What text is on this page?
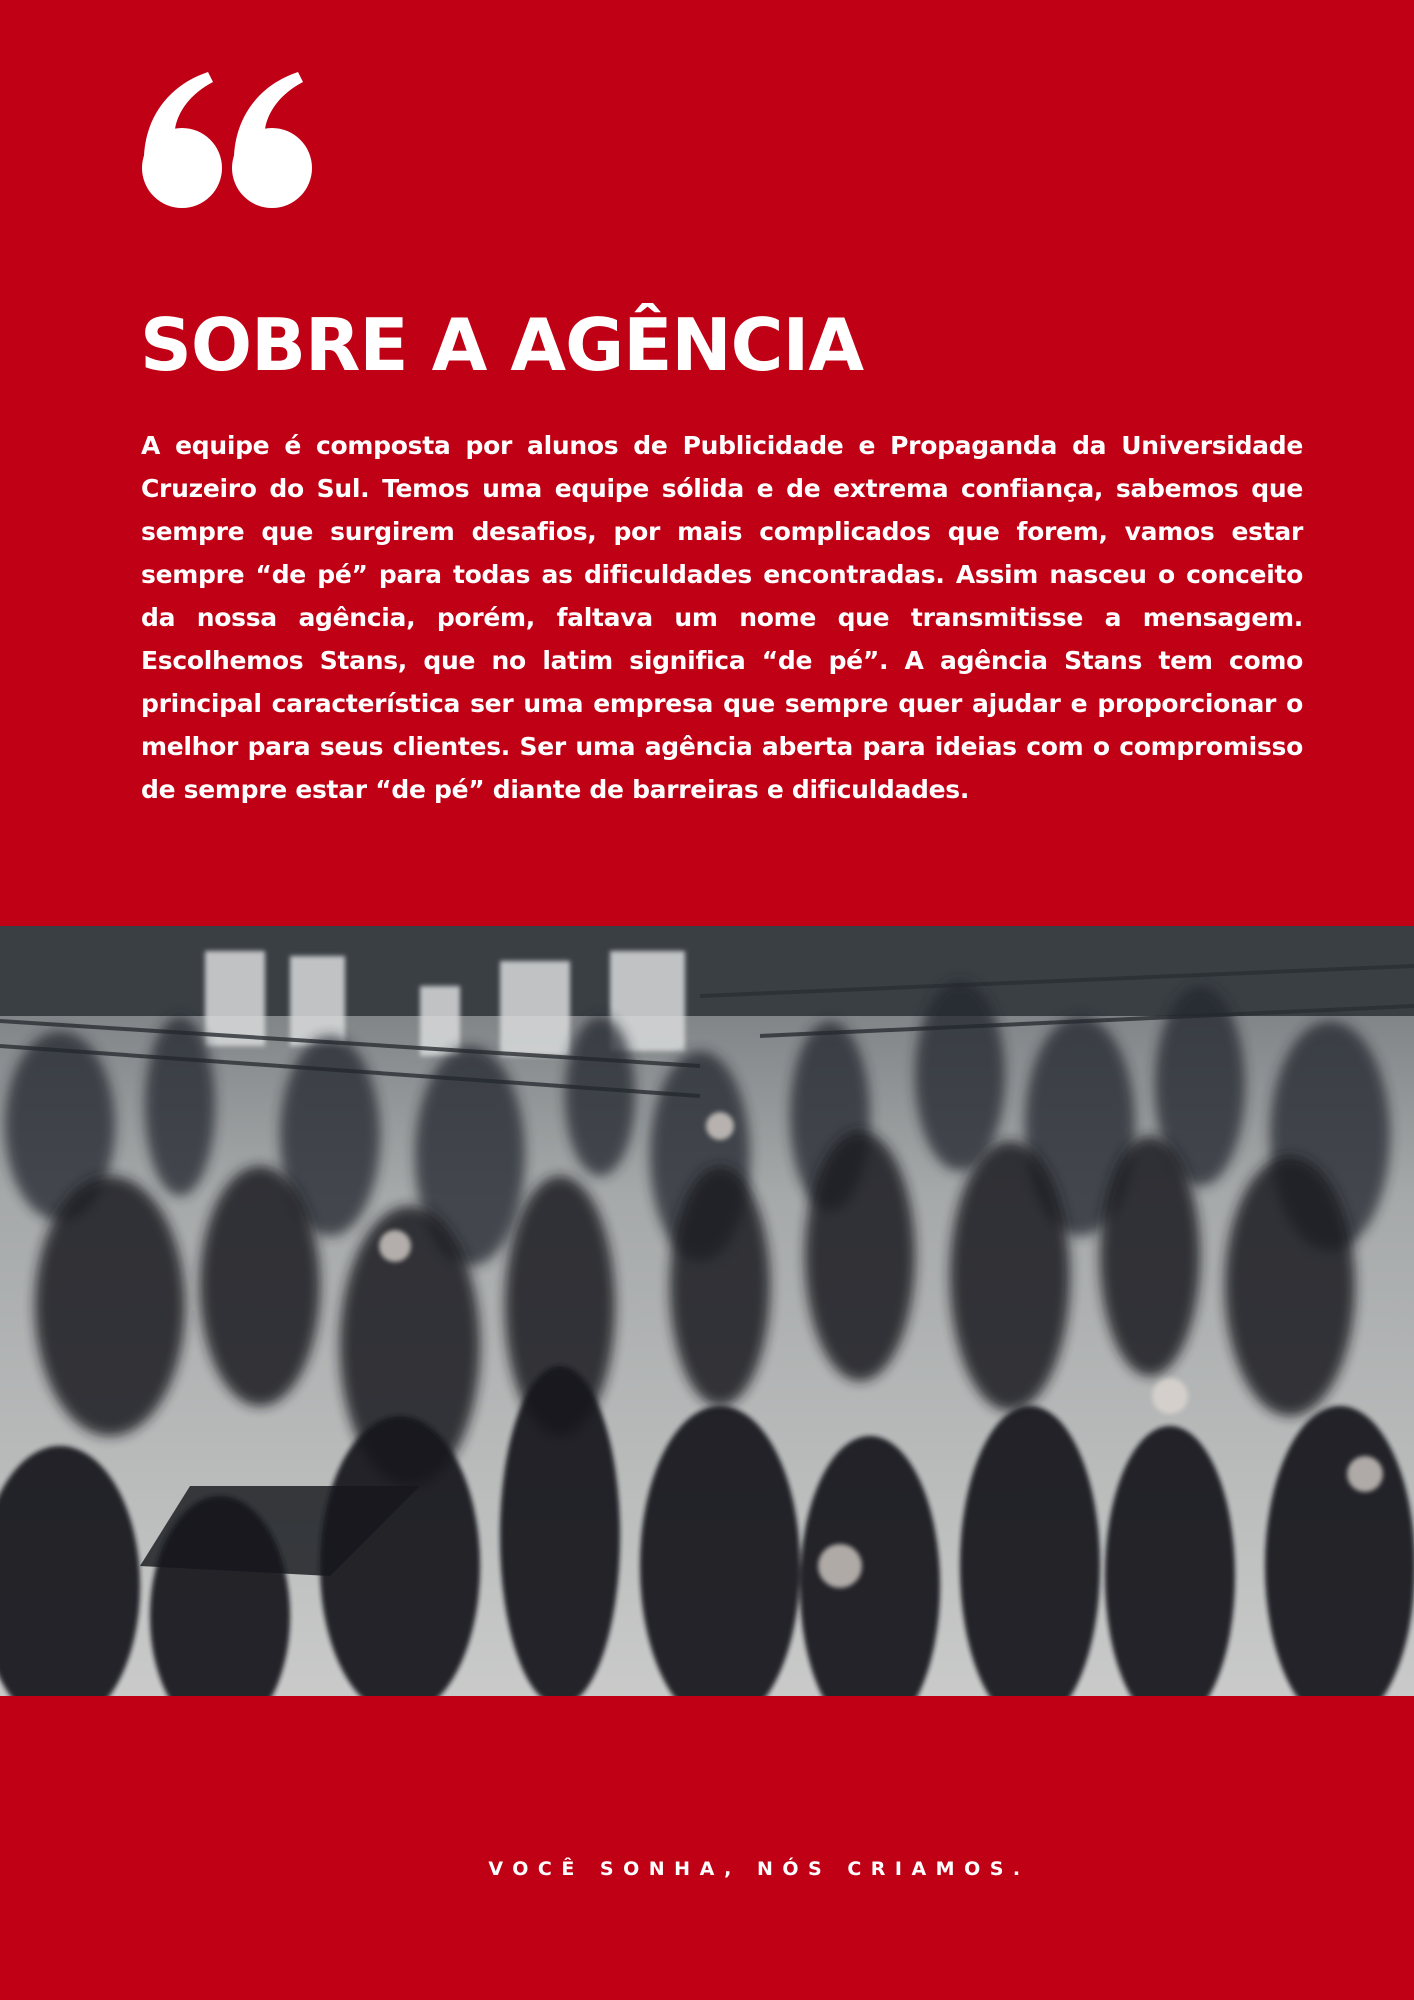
SOBRE A AGÊNCIA

A equipe é composta por alunos de Publicidade e Propaganda da Universidade Cruzeiro do Sul. Temos uma equipe sólida e de extrema confiança, sabemos que sempre que surgirem desafios, por mais complicados que forem, vamos estar sempre “de pé” para todas as dificuldades encontradas. Assim nasceu o conceito da nossa agência, porém, faltava um nome que transmitisse a mensagem. Escolhemos Stans, que no latim significa “de pé”. A agência Stans tem como principal característica ser uma empresa que sempre quer ajudar e proporcionar o melhor para seus clientes. Ser uma agência aberta para ideias com o compromisso de sempre estar “de pé” diante de barreiras e dificuldades.

VOCÊ SONHA, NÓS CRIAMOS.
